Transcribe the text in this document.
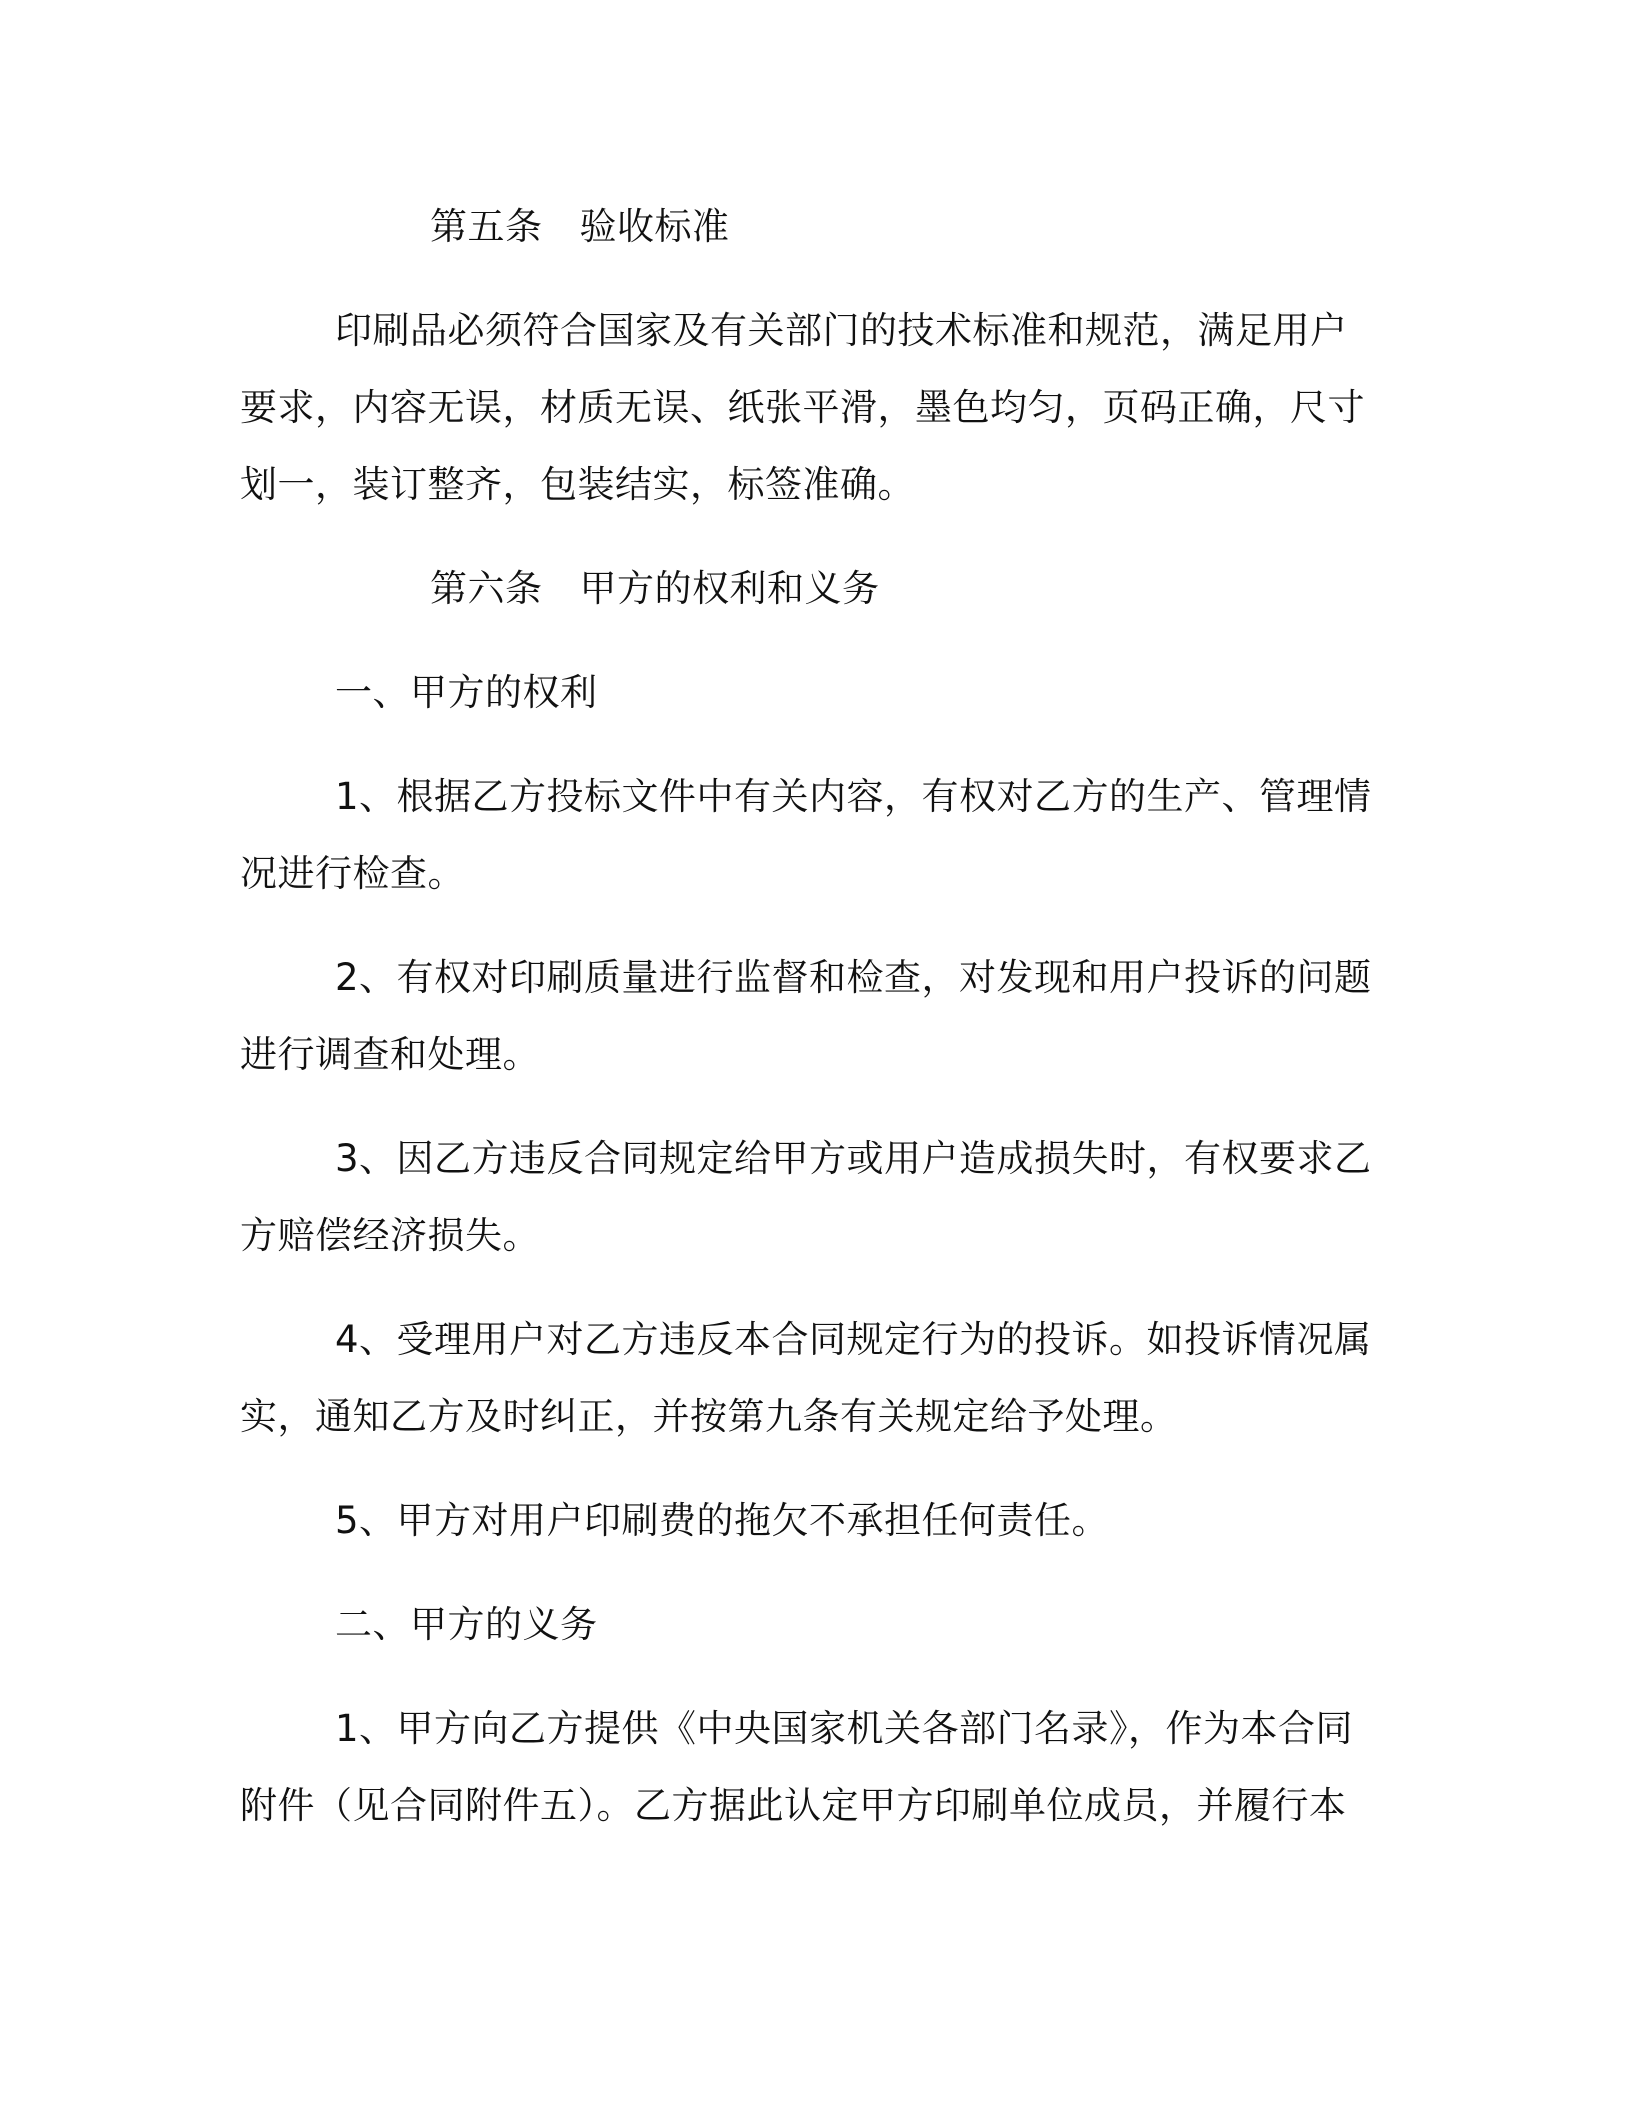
第五条 验收标准

印刷品必须符合国家及有关部门的技术标准和规范，满足用户要求，内容无误，材质无误、纸张平滑，墨色均匀，页码正确，尺寸划一，装订整齐，包装结实，标签准确。

第六条 甲方的权利和义务

一、甲方的权利

1、根据乙方投标文件中有关内容，有权对乙方的生产、管理情况进行检查。

2、有权对印刷质量进行监督和检查，对发现和用户投诉的问题进行调查和处理。

3、因乙方违反合同规定给甲方或用户造成损失时，有权要求乙方赔偿经济损失。

4、受理用户对乙方违反本合同规定行为的投诉。如投诉情况属实，通知乙方及时纠正，并按第九条有关规定给予处理。

5、甲方对用户印刷费的拖欠不承担任何责任。

二、甲方的义务

1、甲方向乙方提供《中央国家机关各部门名录》，作为本合同附件（见合同附件五）。乙方据此认定甲方印刷单位成员，并履行本
